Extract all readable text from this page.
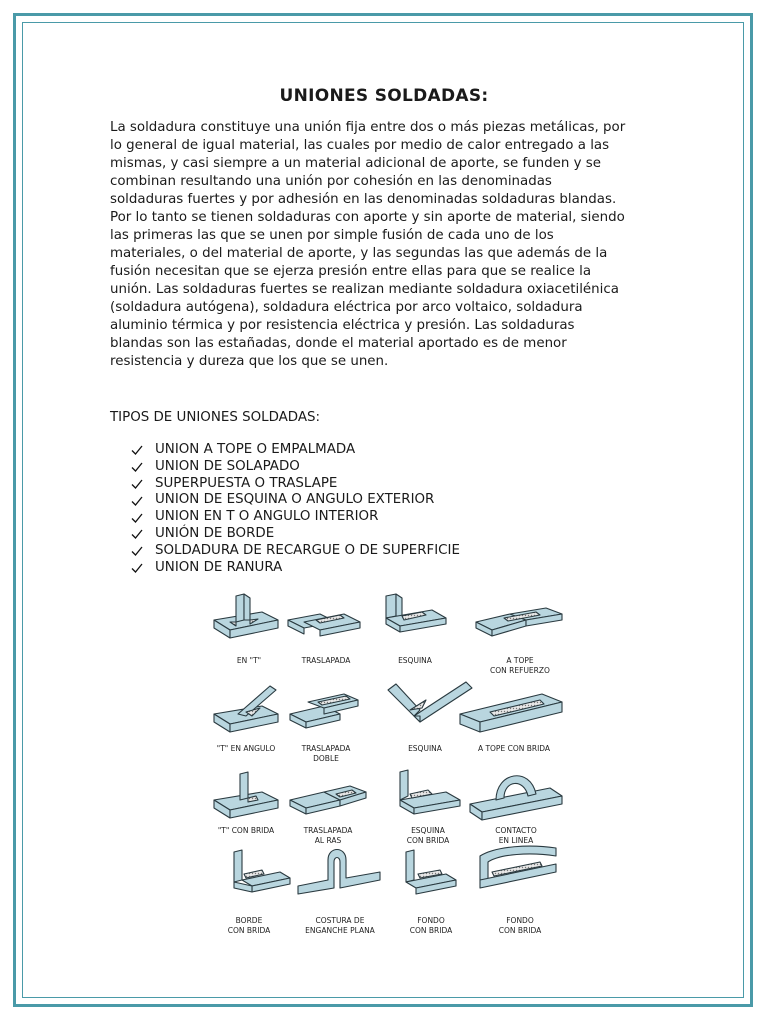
UNIONES SOLDADAS:

La soldadura constituye una unión fija entre dos o más piezas metálicas, por
lo general de igual material, las cuales por medio de calor entregado a las
mismas, y casi siempre a un material adicional de aporte, se funden y se
combinan resultando una unión por cohesión en las denominadas
soldaduras fuertes y por adhesión en las denominadas soldaduras blandas.
Por lo tanto se tienen soldaduras con aporte y sin aporte de material, siendo
las primeras las que se unen por simple fusión de cada uno de los
materiales, o del material de aporte, y las segundas las que además de la
fusión necesitan que se ejerza presión entre ellas para que se realice la
unión. Las soldaduras fuertes se realizan mediante soldadura oxiacetilénica
(soldadura autógena), soldadura eléctrica por arco voltaico, soldadura
aluminio térmica y por resistencia eléctrica y presión. Las soldaduras
blandas son las estañadas, donde el material aportado es de menor
resistencia y dureza que los que se unen.

TIPOS DE UNIONES SOLDADAS:
UNION A TOPE O EMPALMADA
UNION DE SOLAPADO
SUPERPUESTA O TRASLAPE
UNION DE ESQUINA O ANGULO EXTERIOR
UNION EN T O ANGULO INTERIOR
UNIÓN DE BORDE
SOLDADURA DE RECARGUE O DE SUPERFICIE
UNION DE RANURA
EN "T"	TRASLAPADA	ESQUINA	A TOPE
CON REFUERZO
"T" EN ANGULO	TRASLAPADA
DOBLE
ESQUINA	A TOPE CON BRIDA
"T" CON BRIDA	TRASLAPADA
AL RAS
ESQUINA
CON BRIDA
CONTACTO
EN LINEA
BORDE
CON BRIDA
COSTURA DE
ENGANCHE PLANA
FONDO
CON BRIDA
FONDO
CON BRIDA
